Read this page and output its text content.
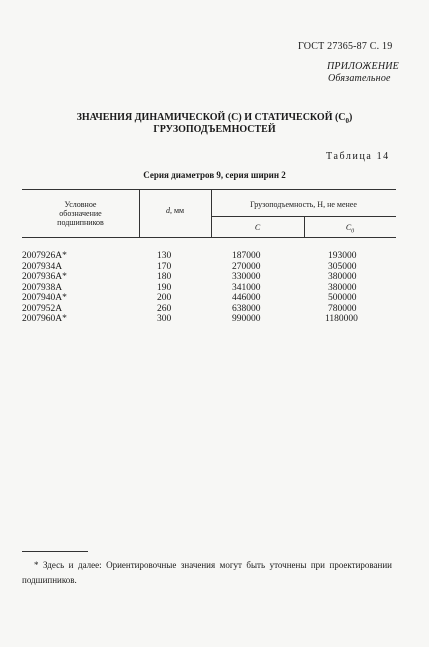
ГОСТ 27365-87 С. 19
ПРИЛОЖЕНИЕ
Обязательное
ЗНАЧЕНИЯ ДИНАМИЧЕСКОЙ (C) И СТАТИЧЕСКОЙ $(C_0)$
ГРУЗОПОДЪЕМНОСТЕЙ
Таблица 14
Серия диаметров 9, серия ширин 2
Условное
обозначение
подшипников
d, мм
Грузоподъемность, Н, не менее
C	$C_0$
2007926А*	130	187000	193000
2007934А	170	270000	305000
2007936А*	180	330000	380000
2007938А	190	341000	380000
2007940А*	200	446000	500000
2007952А	260	638000	780000
2007960А*	300	990000	1180000
* Здесь и далее: Ориентировочные значения могут быть уточнены при проектировании подшипников.
